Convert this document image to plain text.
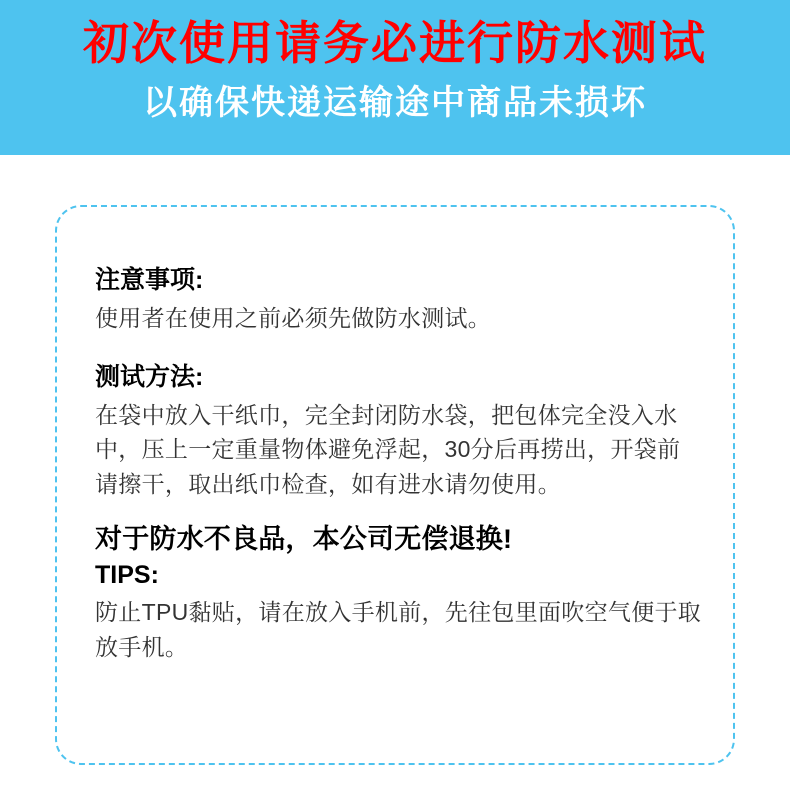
初次使用请务必进行防水测试
以确保快递运输途中商品未损坏
注意事项:

使用者在使用之前必须先做防水测试。

测试方法:

在袋中放入干纸巾，完全封闭防水袋，把包体完全没入水中，压上一定重量物体避免浮起，30分后再捞出，开袋前请擦干，取出纸巾检查，如有进水请勿使用。

对于防水不良品，本公司无偿退换!

TIPS:

防止TPU黏贴，请在放入手机前，先往包里面吹空气便于取放手机。
